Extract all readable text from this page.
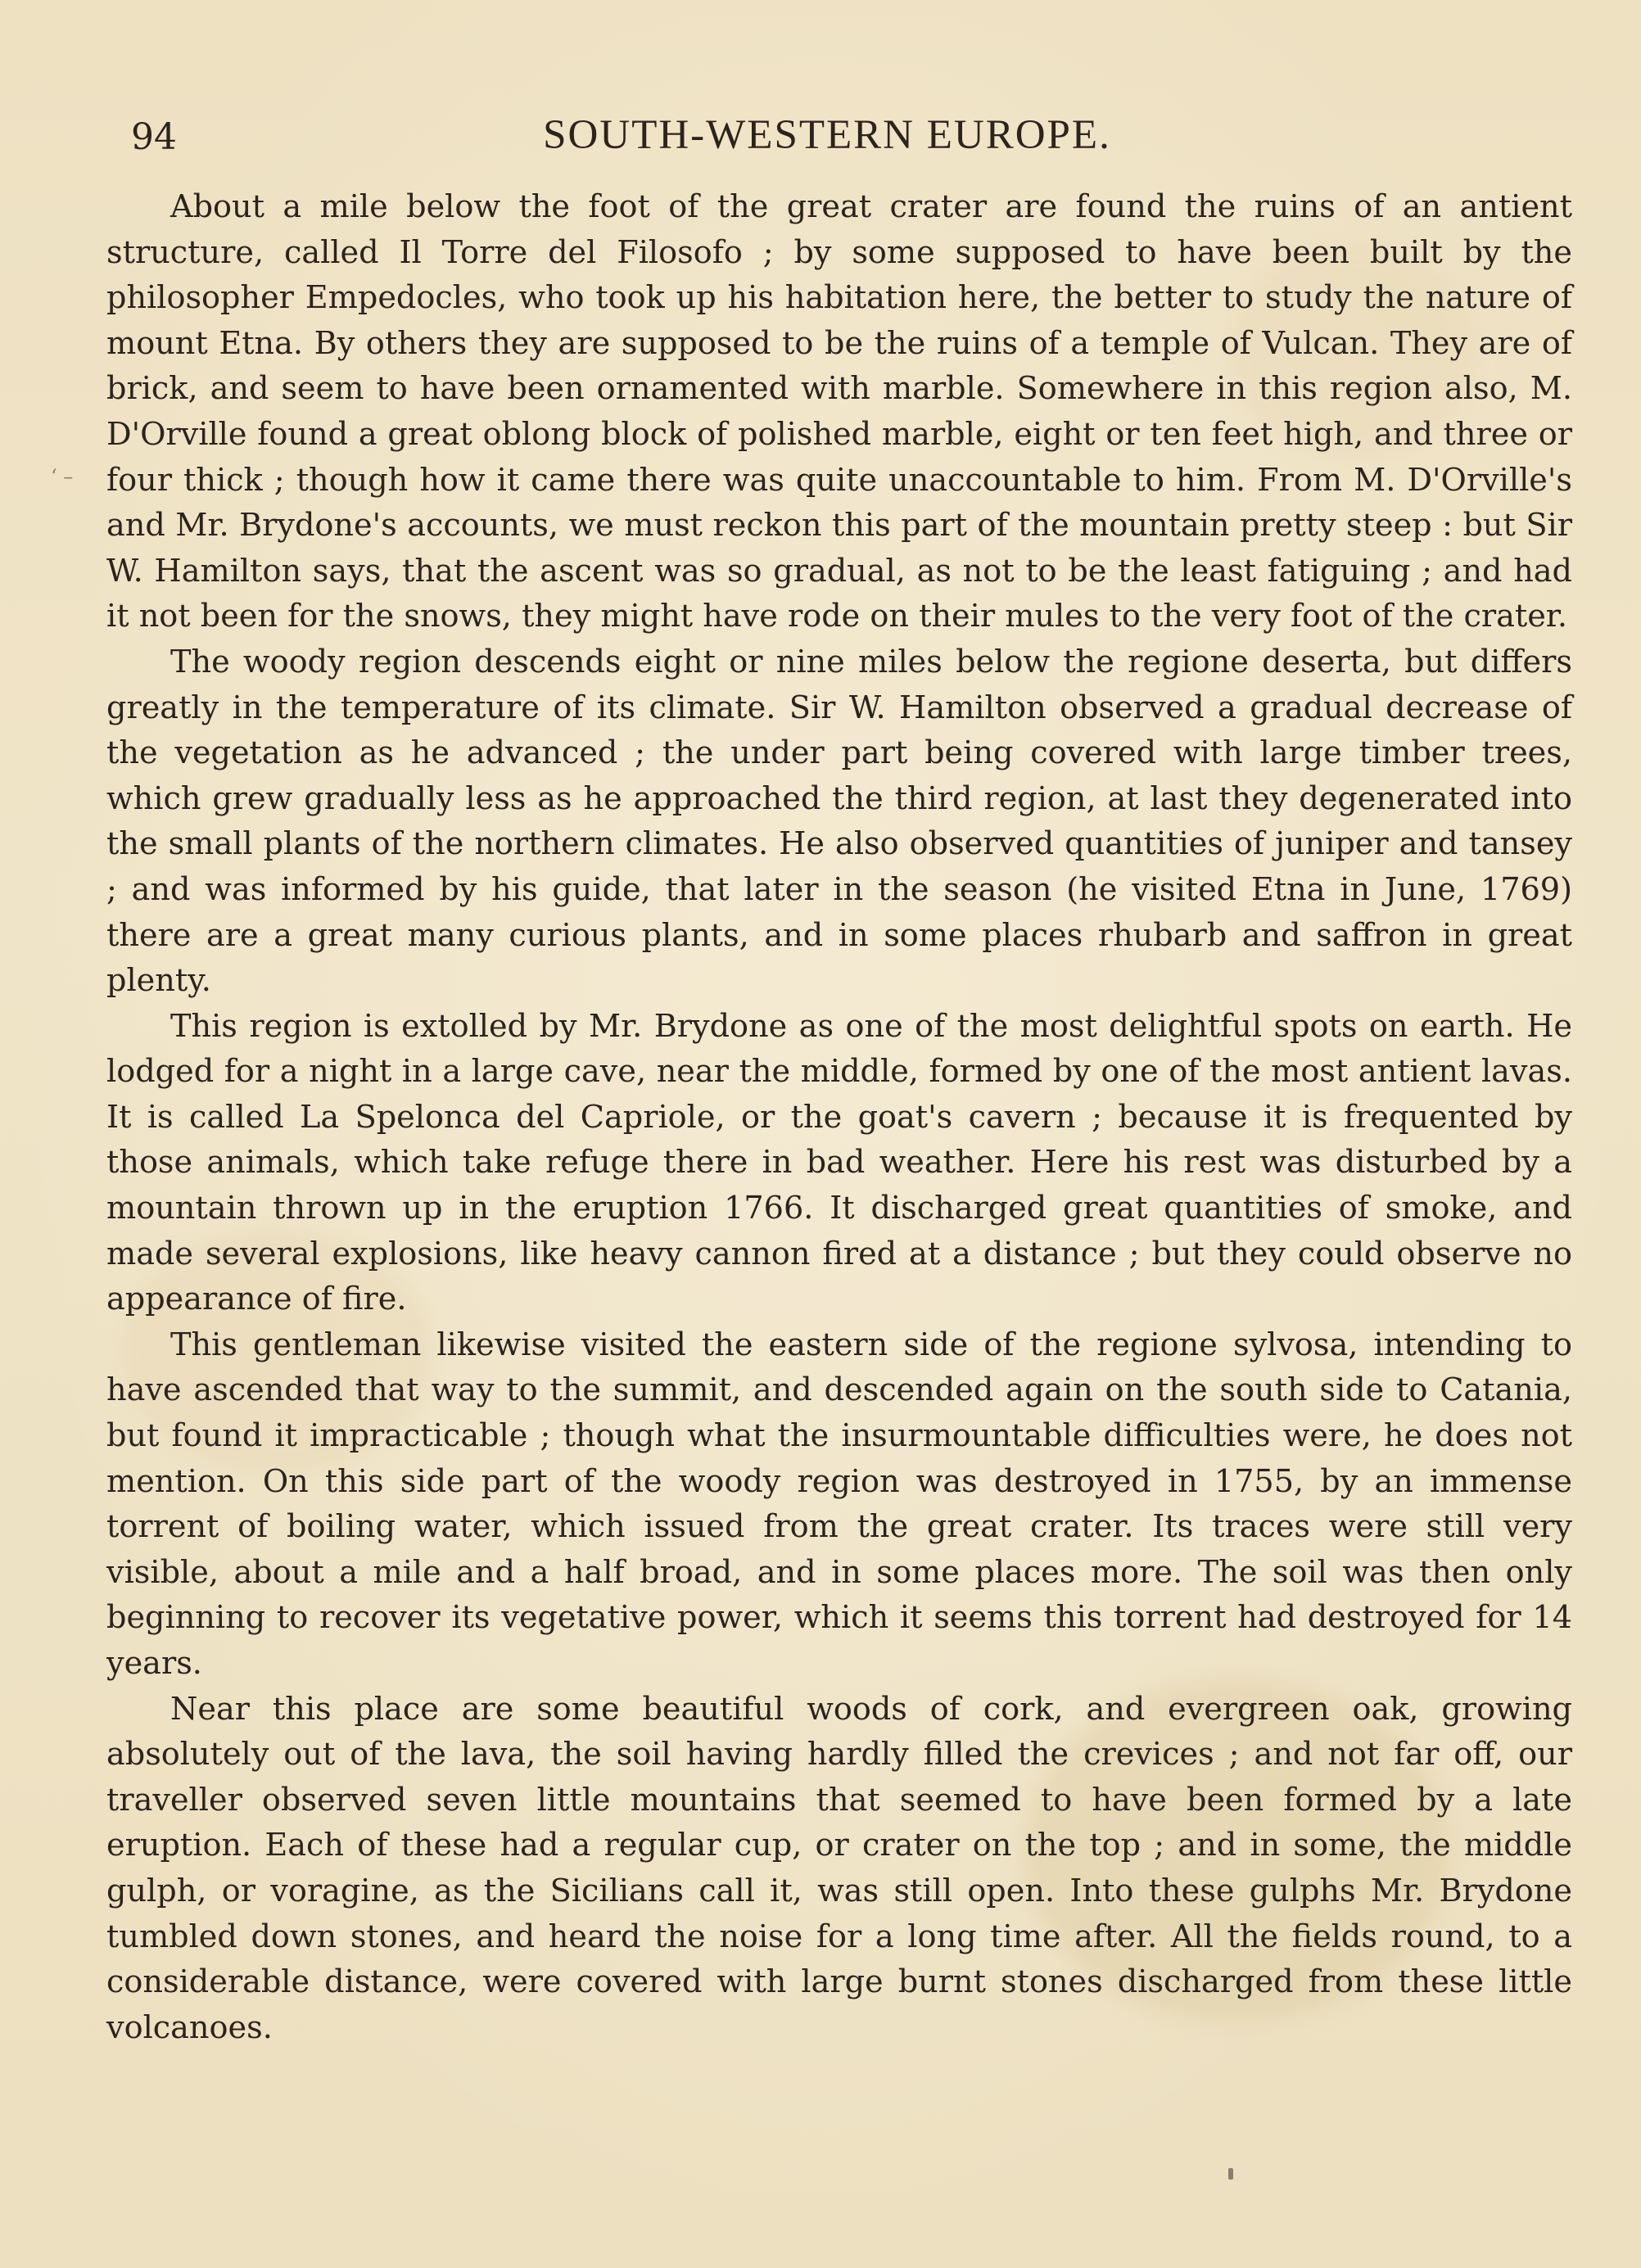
94	SOUTH-WESTERN EUROPE.
‘ –

About a mile below the foot of the great crater are found the ruins of an antient structure, called Il Torre del Filosofo ; by some supposed to have been built by the philosopher Empedocles, who took up his habitation here, the better to study the nature of mount Etna. By others they are supposed to be the ruins of a temple of Vulcan. They are of brick, and seem to have been ornamented with marble. Somewhere in this region also, M. D'Orville found a great oblong block of polished marble, eight or ten feet high, and three or four thick ; though how it came there was quite unaccountable to him. From M. D'Orville's and Mr. Brydone's accounts, we must reckon this part of the mountain pretty steep : but Sir W. Hamilton says, that the ascent was so gradual, as not to be the least fatiguing ; and had it not been for the snows, they might have rode on their mules to the very foot of the crater.

The woody region descends eight or nine miles below the regione deserta, but differs greatly in the temperature of its climate. Sir W. Hamilton observed a gradual decrease of the vegetation as he advanced ; the under part being covered with large timber trees, which grew gradually less as he approached the third region, at last they degenerated into the small plants of the northern climates. He also observed quantities of juniper and tansey ; and was informed by his guide, that later in the season (he visited Etna in June, 1769) there are a great many curious plants, and in some places rhubarb and saffron in great plenty.

This region is extolled by Mr. Brydone as one of the most delightful spots on earth. He lodged for a night in a large cave, near the middle, formed by one of the most antient lavas. It is called La Spelonca del Capriole, or the goat's cavern ; because it is frequented by those animals, which take refuge there in bad weather. Here his rest was disturbed by a mountain thrown up in the eruption 1766. It discharged great quantities of smoke, and made several explosions, like heavy cannon fired at a distance ; but they could observe no appearance of fire.

This gentleman likewise visited the eastern side of the regione sylvosa, intending to have ascended that way to the summit, and descended again on the south side to Catania, but found it impracticable ; though what the insurmountable difficulties were, he does not mention. On this side part of the woody region was destroyed in 1755, by an immense torrent of boiling water, which issued from the great crater. Its traces were still very visible, about a mile and a half broad, and in some places more. The soil was then only beginning to recover its vegetative power, which it seems this torrent had destroyed for 14 years.

Near this place are some beautiful woods of cork, and evergreen oak, growing absolutely out of the lava, the soil having hardly filled the crevices ; and not far off, our traveller observed seven little mountains that seemed to have been formed by a late eruption. Each of these had a regular cup, or crater on the top ; and in some, the middle gulph, or voragine, as the Sicilians call it, was still open. Into these gulphs Mr. Brydone tumbled down stones, and heard the noise for a long time after. All the fields round, to a considerable distance, were covered with large burnt stones discharged from these little volcanoes.
